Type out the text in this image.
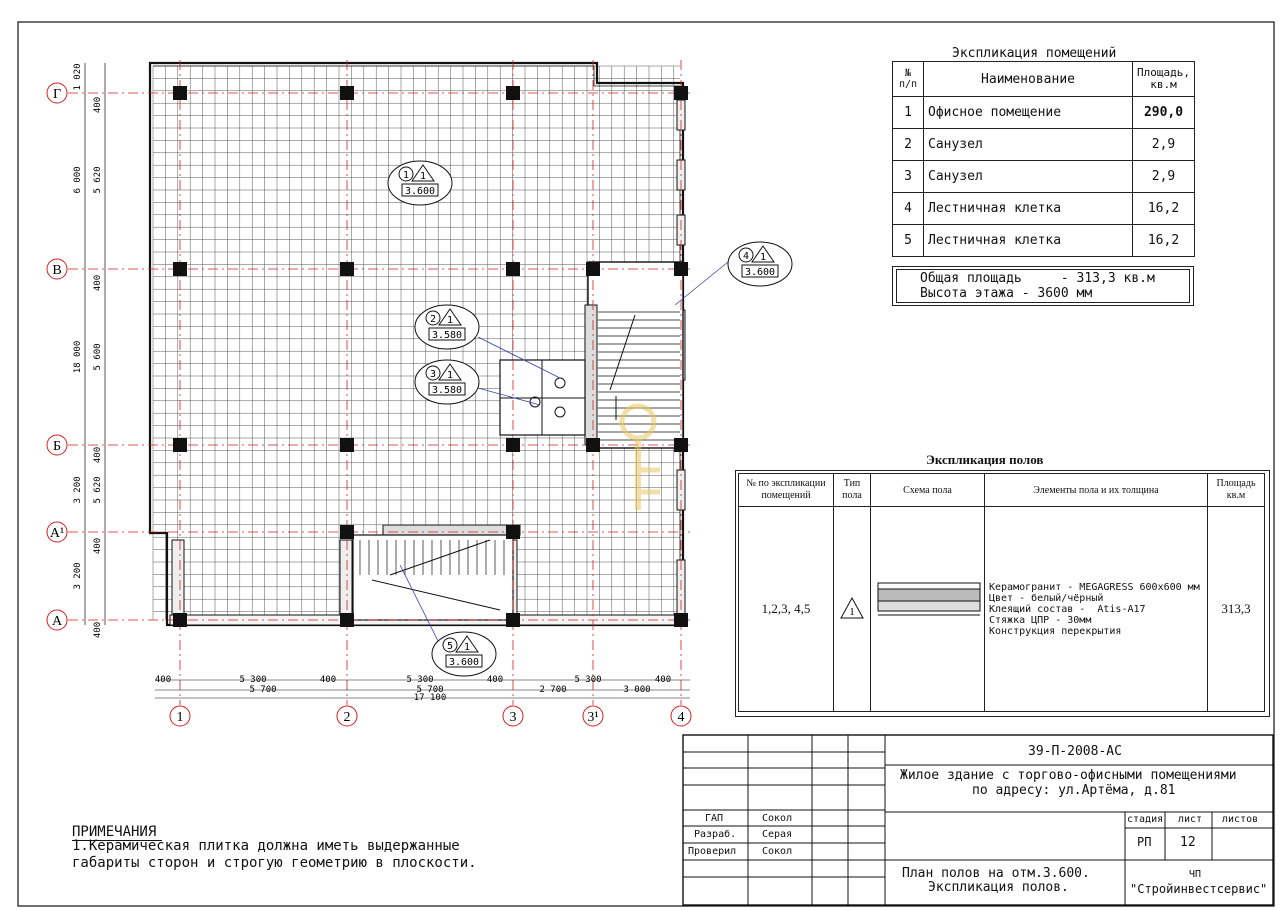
Г
В
Б
А¹
А
1	2	3	3¹	4
1 020
6 000
18 000
3 200
3 200
400
5 620
400
5 600
400
5 620
400
400
400	5 300	400	5 300	400	5 300	400
5 700	5 700	2 700	3 000
17 100
1 1
3.600
4 1
3.600
2 1
3.580
3 1
3.580
5 1
3.600
Экспликация помещений
№ п/п	Наименование	Площадь, кв.м
1	Офисное помещение	290,0
2	Санузел	2,9
3	Санузел	2,9
4	Лестничная клетка	16,2
5	Лестничная клетка	16,2
Общая площадь     - 313,3 кв.м
Высота этажа - 3600 мм
Экспликация полов
№ по экспликации помещений	Тип пола	Схема пола	Элементы пола и их толщина	Площадь кв.м
1,2,3, 4,5	1		Керамогранит - MEGAGRESS 600х600 мм
Цвет - белый/чёрный
Клеящий состав -  Atis-A17
Стяжка ЦПР - 30мм
Конструкция перекрытия	313,3
ПРИМЕЧАНИЯ
1.Керамическая плитка должна иметь выдержанные
габариты сторон и строгую геометрию в плоскости.
39-П-2008-АС
Жилое здание с торгово-офисными помещениями
по адресу: ул.Артёма, д.81
ГАП	Сокол
Разраб.	Серая
Проверил	Сокол
стадия лист листов
РП 12
План полов на отм.3.600.
Экспликация полов.
ЧП
"Стройинвестсервис"
